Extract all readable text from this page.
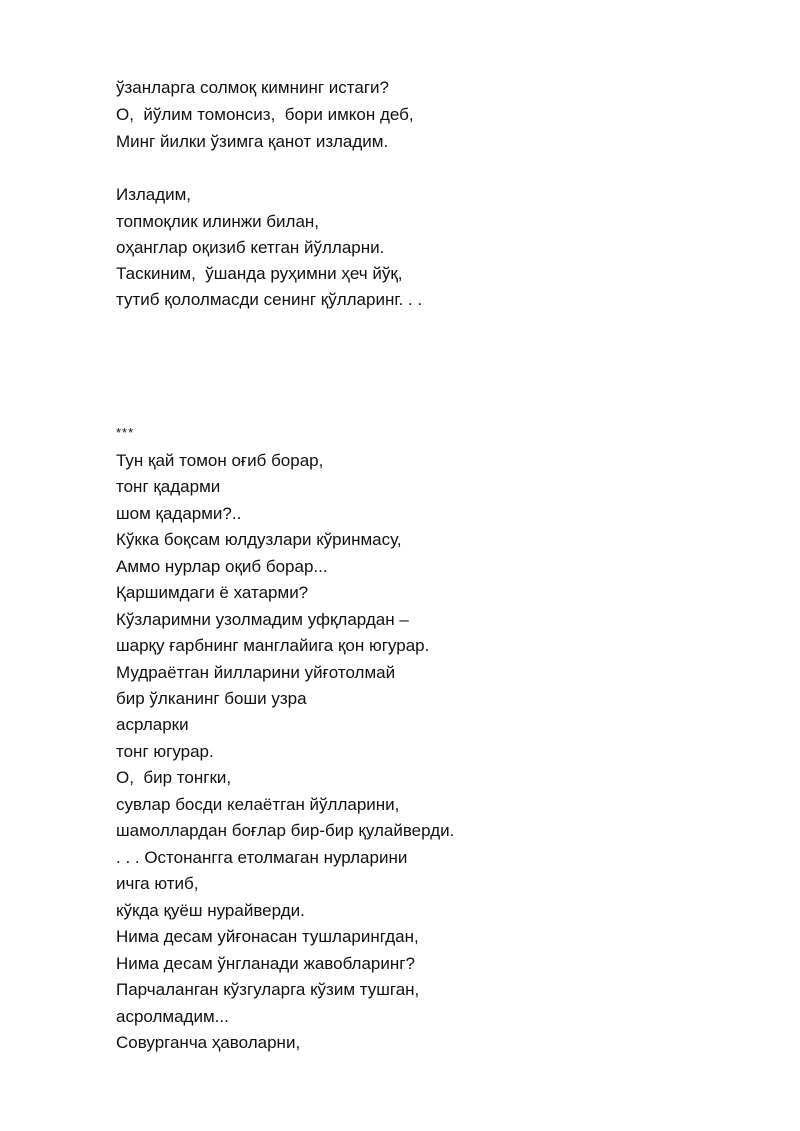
ўзанларга солмоқ кимнинг истаги?
О,  йўлим томонсиз,  бори имкон деб,
Минг йилки ўзимга қанот изладим.
Изладим,
топмоқлик илинжи билан,
оҳанглар оқизиб кетган йўлларни.
Таскиним,  ўшанда руҳимни ҳеч йўқ,
тутиб қололмасди сенинг қўлларинг. . .
***
Тун қай томон оғиб борар,
тонг қадарми
шом қадарми?..
Кўкка боқсам юлдузлари кўринмасу,
Аммо нурлар оқиб борар...
Қаршимдаги ё хатарми?
Кўзларимни узолмадим уфқлардан –
шарқу ғарбнинг манглайига қон югурар.
Мудраётган йилларини уйғотолмай
бир ўлканинг боши узра
асрларки
тонг югурар.
О,  бир тонгки,
сувлар босди келаётган йўлларини,
шамоллардан боғлар бир-бир қулайверди.
. . . Остонангга етолмаган нурларини
ичга ютиб,
кўкда қуёш нурайверди.
Нима десам уйғонасан тушларингдан,
Нима десам ўнгланади жавобларинг?
Парчаланган кўзгуларга кўзим тушган,
асролмадим...
Совурганча ҳаволарни,
